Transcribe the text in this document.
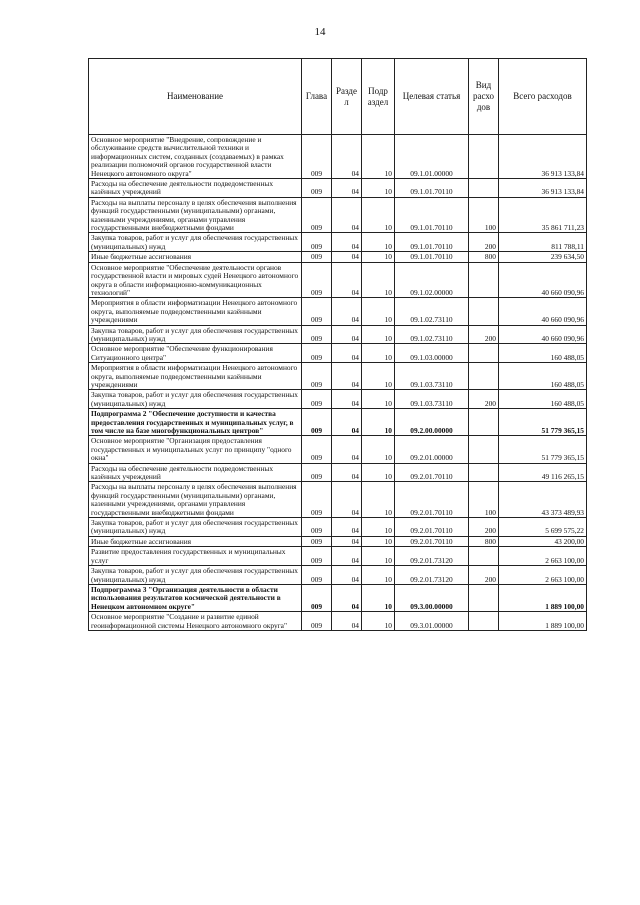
14
Наименование	Глава	Разде л	Подр аздел	Целевая статья	Вид расхо дов	Всего расходов
Основное мероприятие "Внедрение, сопровождение и обслуживание средств вычислительной техники и информационных систем, созданных (создаваемых) в рамках реализации полномочий органов государственной власти Ненецкого автономного округа"	009	04	10	09.1.01.00000		36 913 133,84
Расходы на обеспечение деятельности подведомственных казённых учреждений	009	04	10	09.1.01.70110		36 913 133,84
Расходы на выплаты персоналу в целях обеспечения выполнения функций государственными (муниципальными) органами, казенными учреждениями, органами управления государственными внебюджетными фондами	009	04	10	09.1.01.70110	100	35 861 711,23
Закупка товаров, работ и услуг для обеспечения государственных (муниципальных) нужд	009	04	10	09.1.01.70110	200	811 788,11
Иные бюджетные ассигнования	009	04	10	09.1.01.70110	800	239 634,50
Основное мероприятие "Обеспечение деятельности органов государственной власти и мировых судей Ненецкого автономного округа в области информационно-коммуникационных технологий"	009	04	10	09.1.02.00000		40 660 090,96
Мероприятия в области информатизации Ненецкого автономного округа, выполняемые подведомственными казёнными учреждениями	009	04	10	09.1.02.73110		40 660 090,96
Закупка товаров, работ и услуг для обеспечения государственных (муниципальных) нужд	009	04	10	09.1.02.73110	200	40 660 090,96
Основное мероприятие "Обеспечение функционирования Ситуационного центра"	009	04	10	09.1.03.00000		160 488,05
Мероприятия в области информатизации Ненецкого автономного округа, выполняемые подведомственными казёнными учреждениями	009	04	10	09.1.03.73110		160 488,05
Закупка товаров, работ и услуг для обеспечения государственных (муниципальных) нужд	009	04	10	09.1.03.73110	200	160 488,05
Подпрограмма 2 "Обеспечение доступности и качества предоставления государственных и муниципальных услуг, в том числе на базе многофункциональных центров"	009	04	10	09.2.00.00000		51 779 365,15
Основное мероприятие "Организация предоставления государственных и муниципальных услуг по принципу "одного окна"	009	04	10	09.2.01.00000		51 779 365,15
Расходы на обеспечение деятельности подведомственных казённых учреждений	009	04	10	09.2.01.70110		49 116 265,15
Расходы на выплаты персоналу в целях обеспечения выполнения функций государственными (муниципальными) органами, казенными учреждениями, органами управления государственными внебюджетными фондами	009	04	10	09.2.01.70110	100	43 373 489,93
Закупка товаров, работ и услуг для обеспечения государственных (муниципальных) нужд	009	04	10	09.2.01.70110	200	5 699 575,22
Иные бюджетные ассигнования	009	04	10	09.2.01.70110	800	43 200,00
Развитие предоставления государственных и муниципальных услуг	009	04	10	09.2.01.73120		2 663 100,00
Закупка товаров, работ и услуг для обеспечения государственных (муниципальных) нужд	009	04	10	09.2.01.73120	200	2 663 100,00
Подпрограмма 3 "Организация деятельности в области использования результатов космической деятельности в Ненецком автономном округе"	009	04	10	09.3.00.00000		1 889 100,00
Основное мероприятие "Создание и развитие единой геоинформационной системы Ненецкого автономного округа"	009	04	10	09.3.01.00000		1 889 100,00
